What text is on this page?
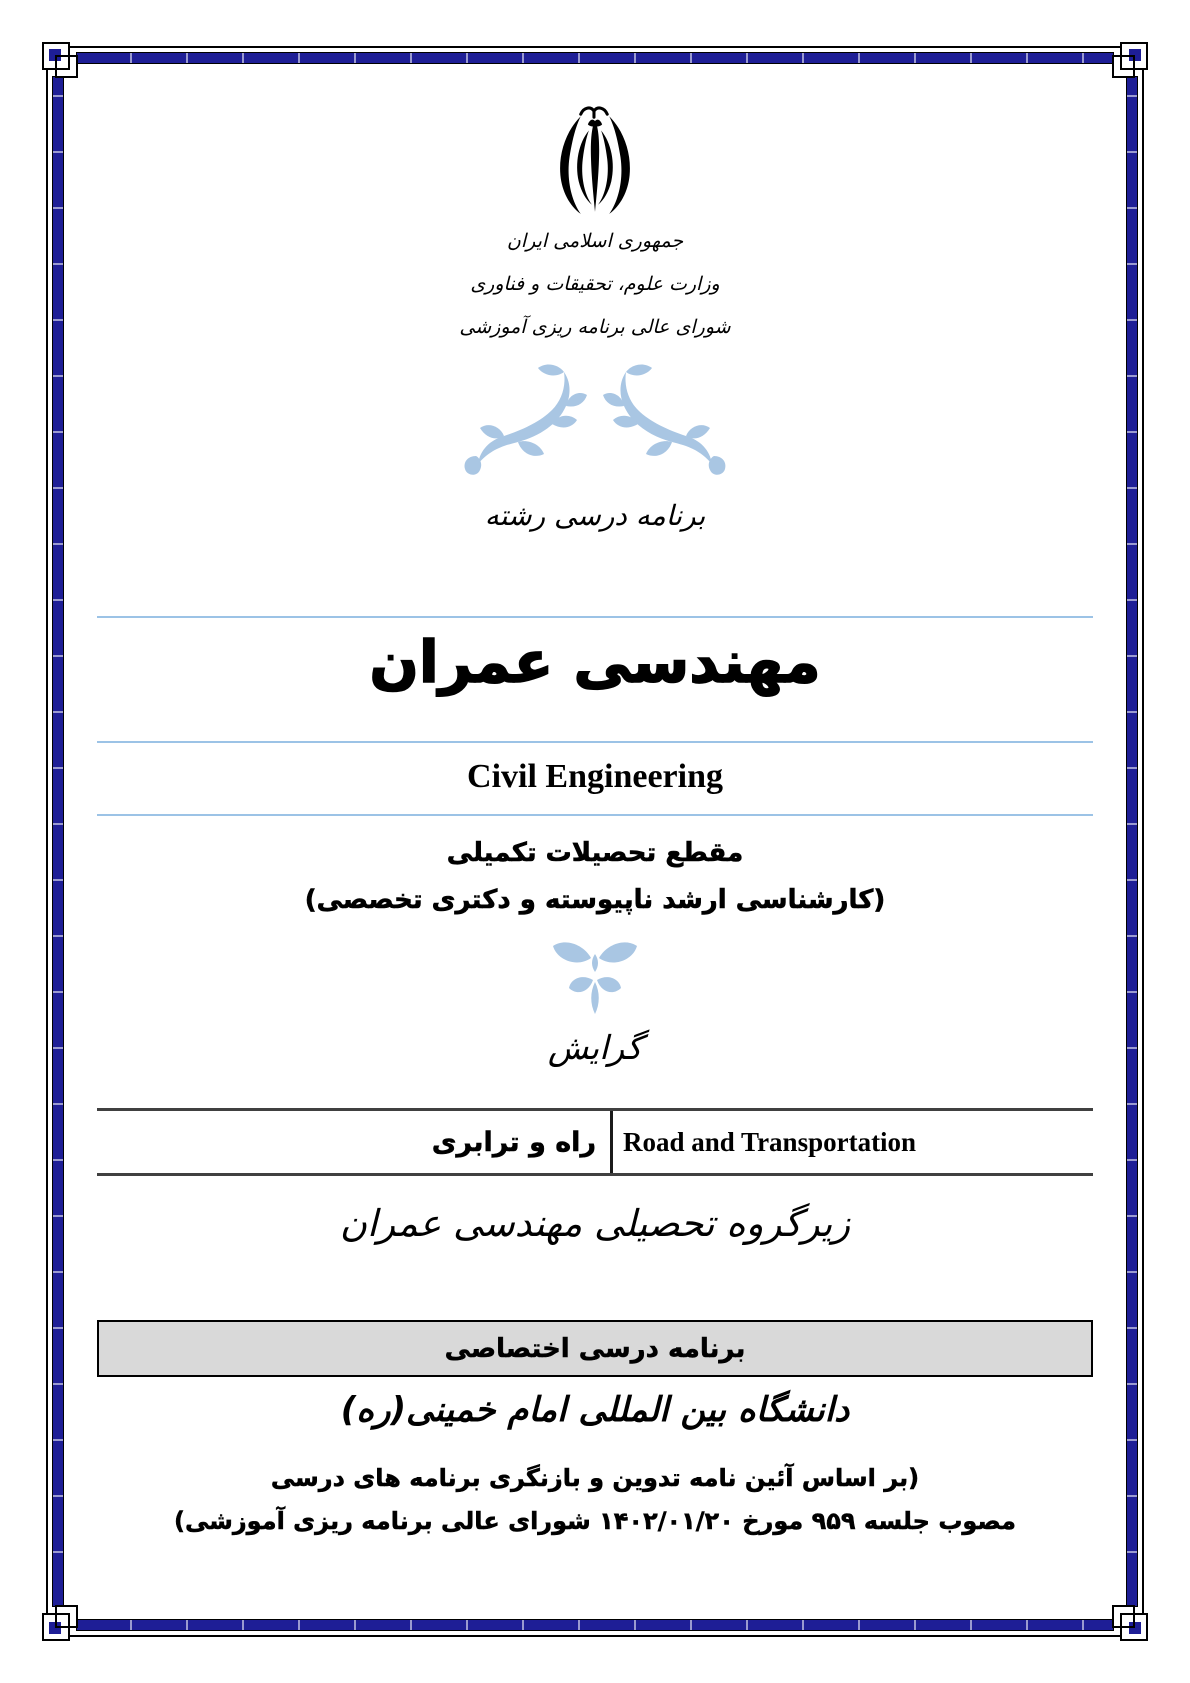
جمهوری اسلامی ایران
وزارت علوم، تحقیقات و فناوری
شورای عالی برنامه ریزی آموزشی
برنامه درسی رشته
مهندسی عمران
Civil Engineering
مقطع تحصیلات تکمیلی
(کارشناسی ارشد ناپیوسته و دکتری تخصصی)
گرایش
راه و ترابری Road and Transportation
زیرگروه تحصیلی مهندسی عمران
برنامه درسی اختصاصی
دانشگاه بین المللی امام خمینی(ره)
(بر اساس آئین نامه تدوین و بازنگری برنامه های درسی
مصوب جلسه ۹۵۹ مورخ ۱۴۰۲/۰۱/۲۰ شورای عالی برنامه ریزی آموزشی)
